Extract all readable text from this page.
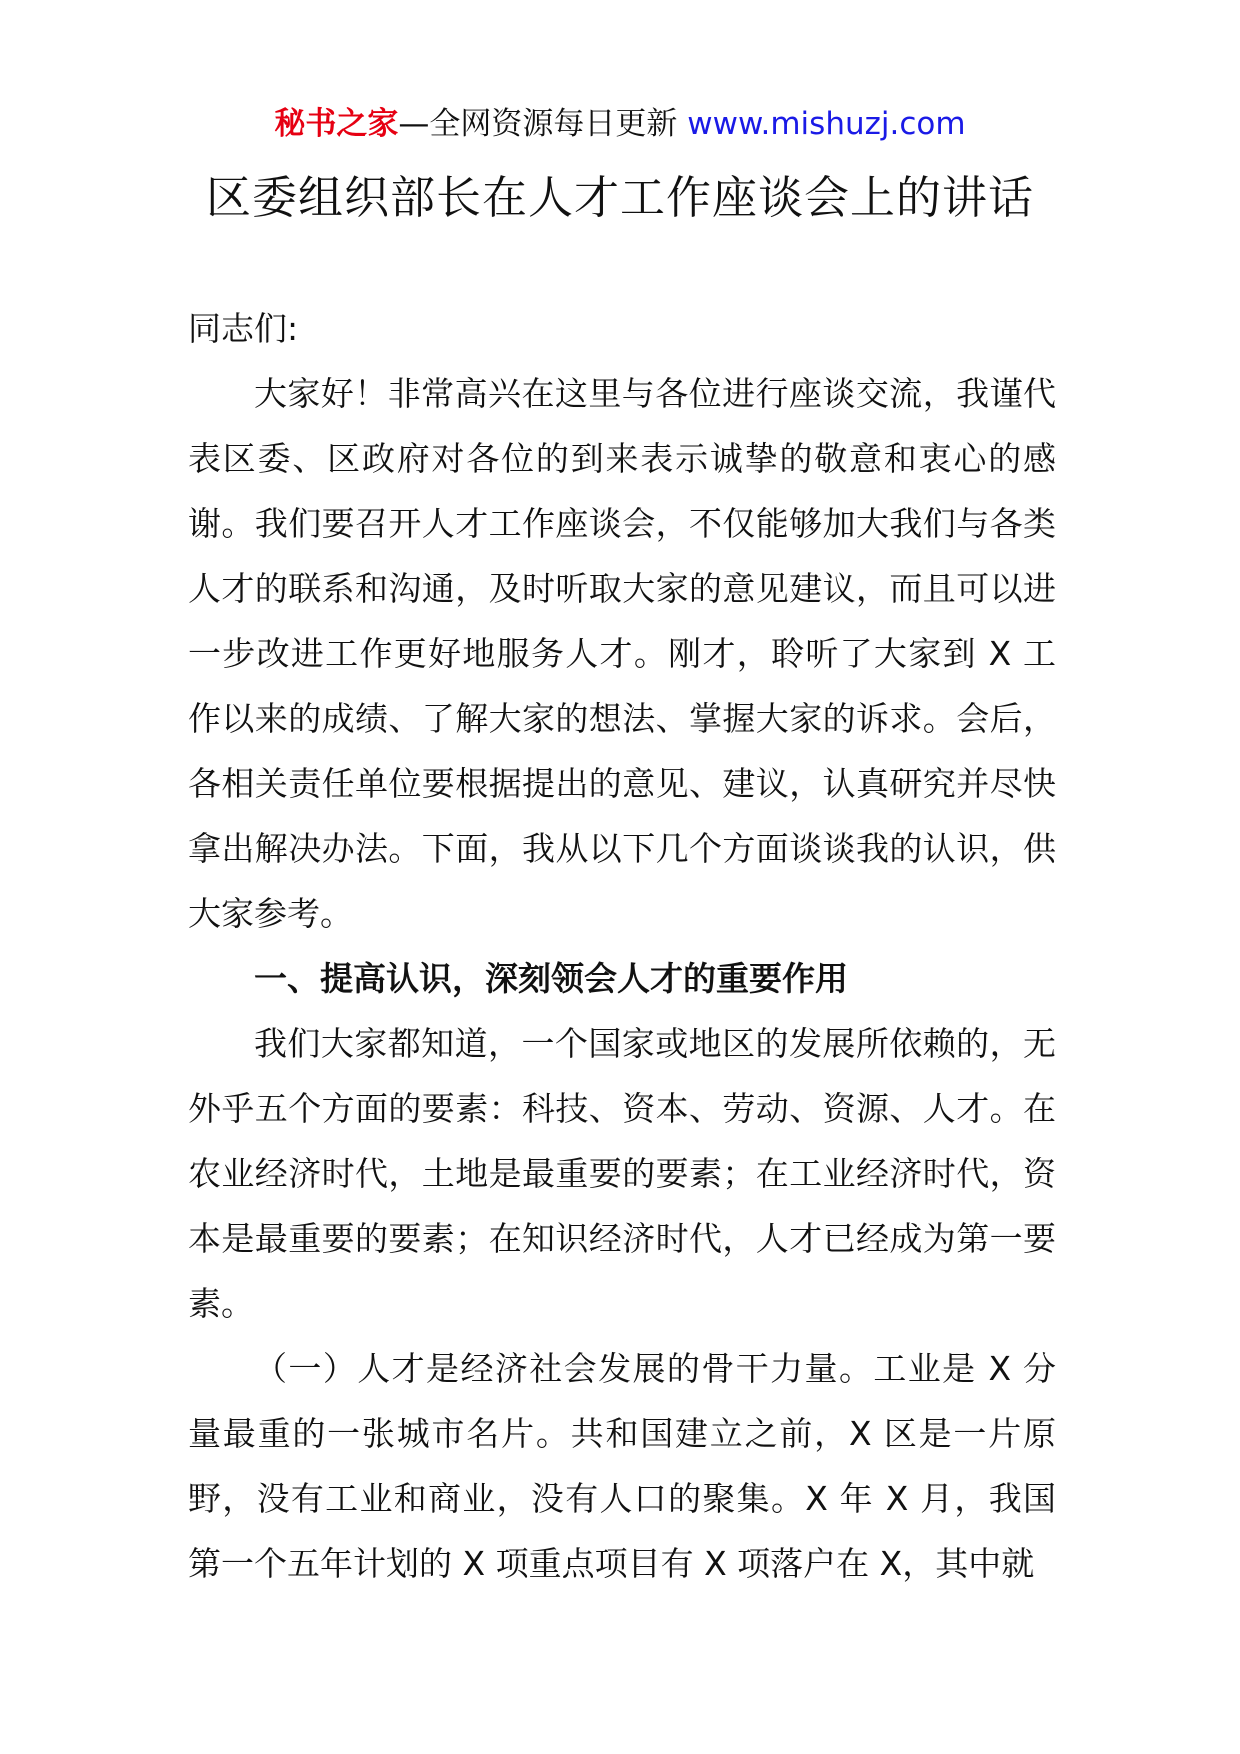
秘书之家—全网资源每日更新 www.mishuzj.com
区委组织部长在人才工作座谈会上的讲话

同志们:

大家好！非常高兴在这里与各位进行座谈交流，我谨代表区委、区政府对各位的到来表示诚挚的敬意和衷心的感谢。我们要召开人才工作座谈会，不仅能够加大我们与各类人才的联系和沟通，及时听取大家的意见建议，而且可以进一步改进工作更好地服务人才。刚才，聆听了大家到 X 工作以来的成绩、了解大家的想法、掌握大家的诉求。会后，各相关责任单位要根据提出的意见、建议，认真研究并尽快拿出解决办法。下面，我从以下几个方面谈谈我的认识，供大家参考。

一、提高认识，深刻领会人才的重要作用

我们大家都知道，一个国家或地区的发展所依赖的，无外乎五个方面的要素：科技、资本、劳动、资源、人才。在农业经济时代，土地是最重要的要素；在工业经济时代，资本是最重要的要素；在知识经济时代，人才已经成为第一要素。

（一）人才是经济社会发展的骨干力量。工业是 X 分量最重的一张城市名片。共和国建立之前，X 区是一片原野，没有工业和商业，没有人口的聚集。X 年 X 月，我国第一个五年计划的 X 项重点项目有 X 项落户在 X，其中就
